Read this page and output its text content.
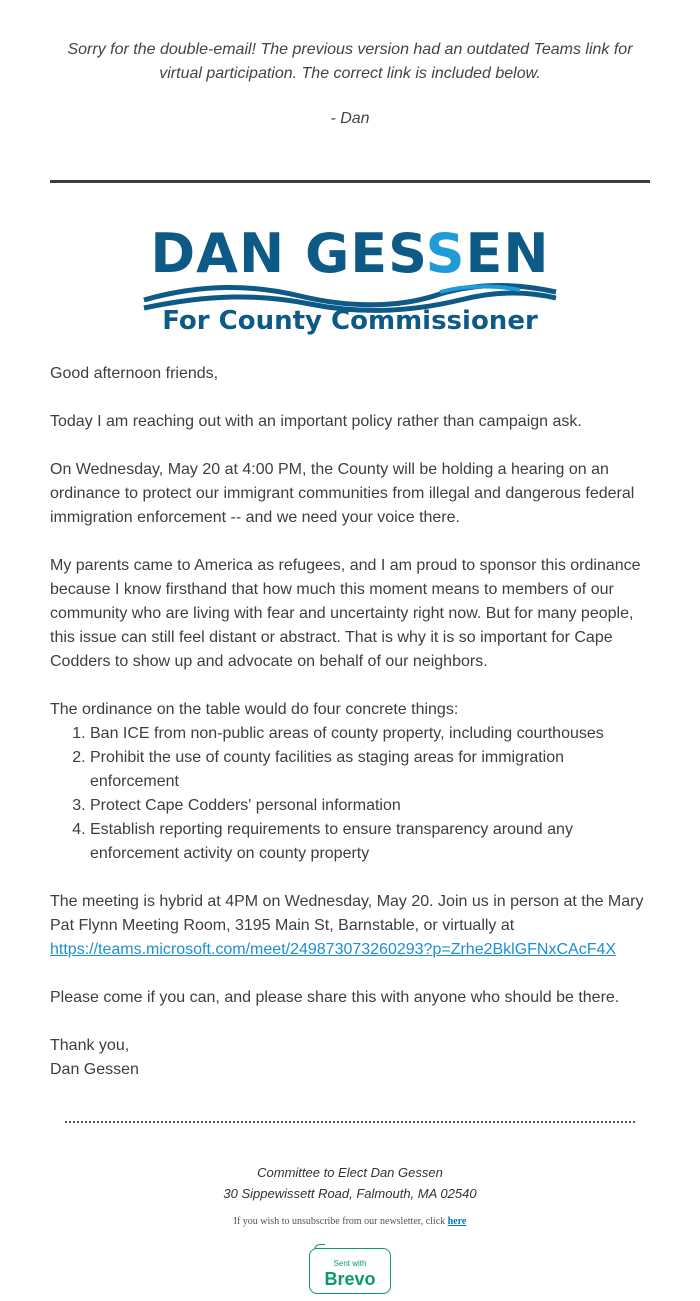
Sorry for the double-email! The previous version had an outdated Teams link for

virtual participation. The correct link is included below.

- Dan
DAN GESSEN
For County Commissioner

Good afternoon friends,

Today I am reaching out with an important policy rather than campaign ask.

On Wednesday, May 20 at 4:00 PM, the County will be holding a hearing on an ordinance to protect our immigrant communities from illegal and dangerous federal immigration enforcement -- and we need your voice there.

My parents came to America as refugees, and I am proud to sponsor this ordinance because I know firsthand that how much this moment means to members of our community who are living with fear and uncertainty right now. But for many people, this issue can still feel distant or abstract. That is why it is so important for Cape Codders to show up and advocate on behalf of our neighbors.

The ordinance on the table would do four concrete things:
1. Ban ICE from non-public areas of county property, including courthouses
2. Prohibit the use of county facilities as staging areas for immigration enforcement
3. Protect Cape Codders' personal information
4. Establish reporting requirements to ensure transparency around any enforcement activity on county property

The meeting is hybrid at 4PM on Wednesday, May 20. Join us in person at the Mary Pat Flynn Meeting Room, 3195 Main St, Barnstable, or virtually at https://teams.microsoft.com/meet/249873073260293?p=Zrhe2BklGFNxCAcF4X

Please come if you can, and please share this with anyone who should be there.

Thank you,
Dan Gessen
Committee to Elect Dan Gessen
30 Sippewissett Road, Falmouth, MA 02540
If you wish to unsubscribe from our newsletter, click here
Sent with
Brevo
